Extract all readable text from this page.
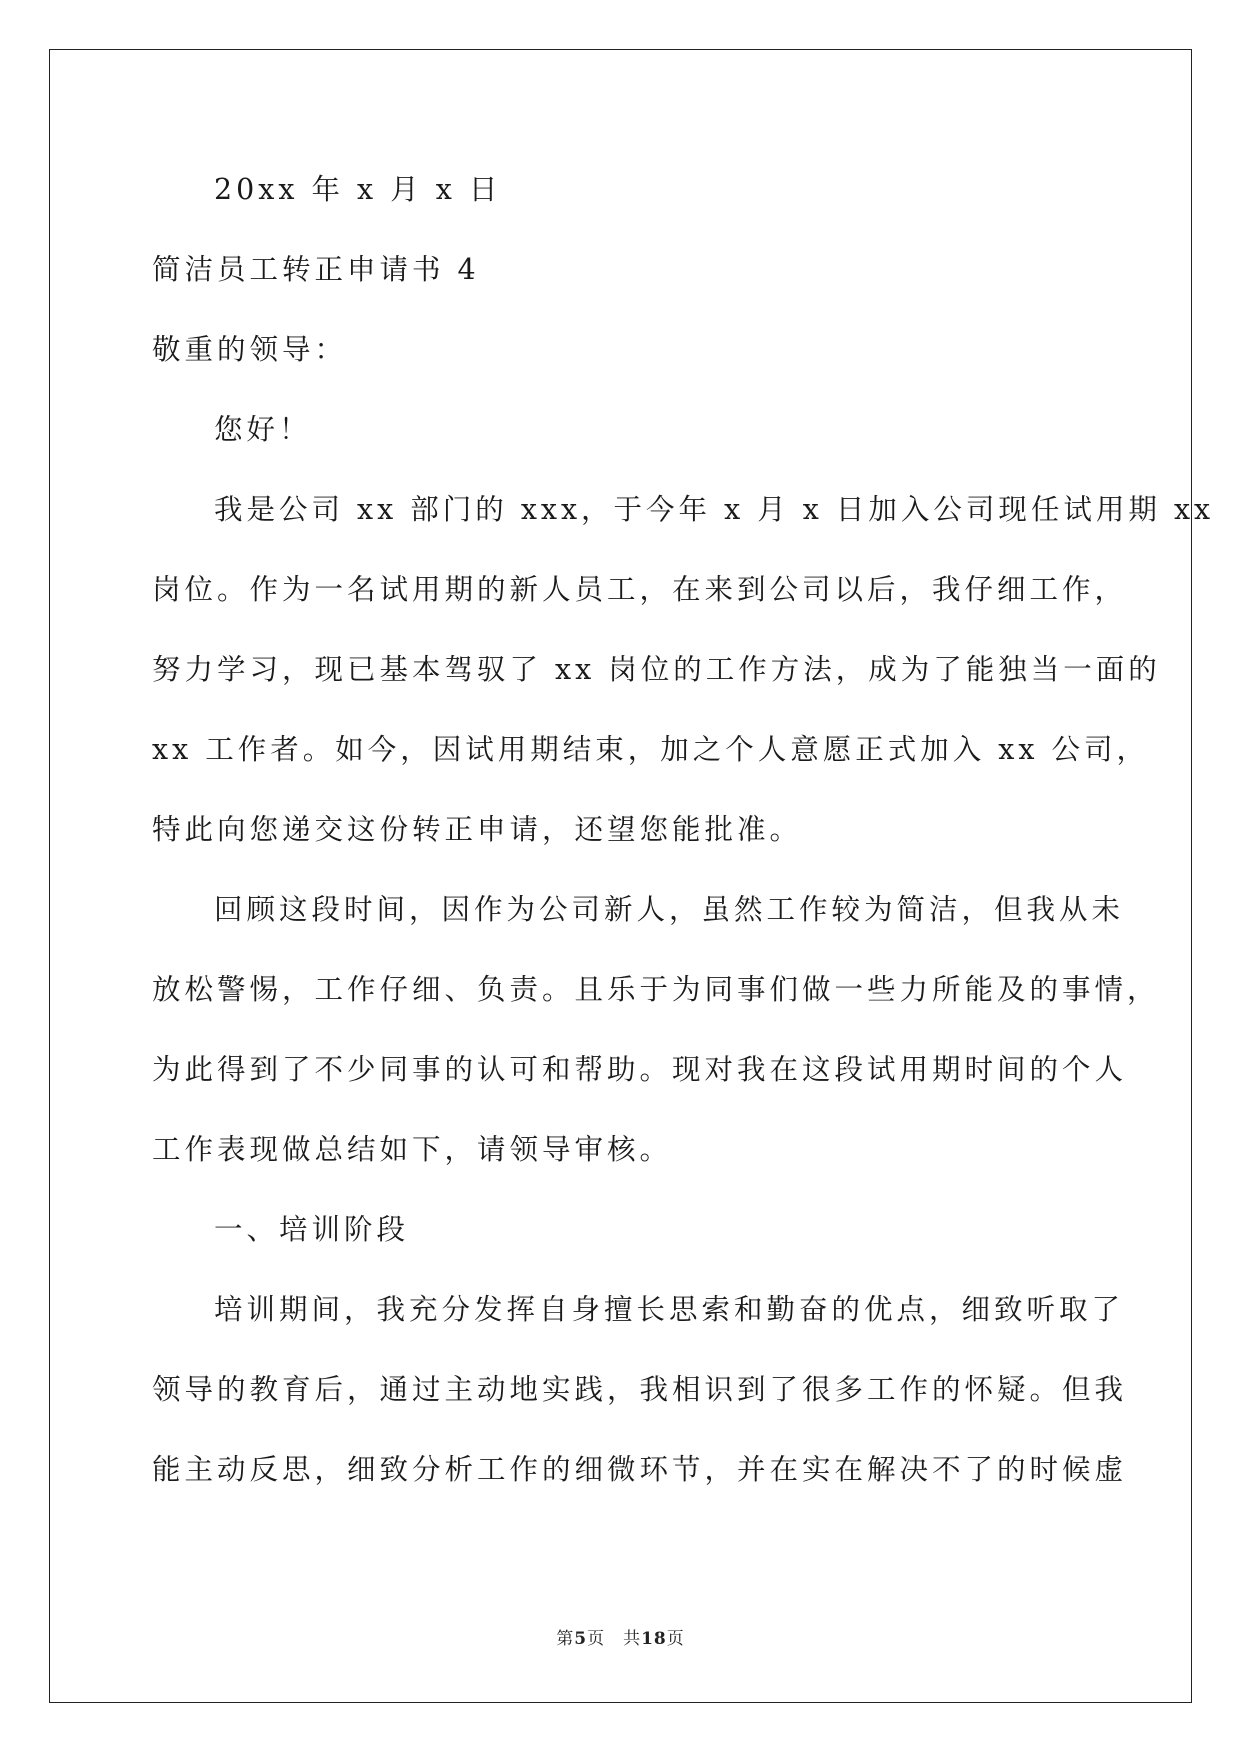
20xx 年 x 月 x 日
简洁员工转正申请书 4
敬重的领导：
您好！
我是公司 xx 部门的 xxx，于今年 x 月 x 日加入公司现任试用期 xx
岗位。作为一名试用期的新人员工，在来到公司以后，我仔细工作，
努力学习，现已基本驾驭了 xx 岗位的工作方法，成为了能独当一面的
xx 工作者。如今，因试用期结束，加之个人意愿正式加入 xx 公司，
特此向您递交这份转正申请，还望您能批准。
回顾这段时间，因作为公司新人，虽然工作较为简洁，但我从未
放松警惕，工作仔细、负责。且乐于为同事们做一些力所能及的事情，
为此得到了不少同事的认可和帮助。现对我在这段试用期时间的个人
工作表现做总结如下，请领导审核。
一、培训阶段
培训期间，我充分发挥自身擅长思索和勤奋的优点，细致听取了
领导的教育后，通过主动地实践，我相识到了很多工作的怀疑。但我
能主动反思，细致分析工作的细微环节，并在实在解决不了的时候虚
第5页 共18页
